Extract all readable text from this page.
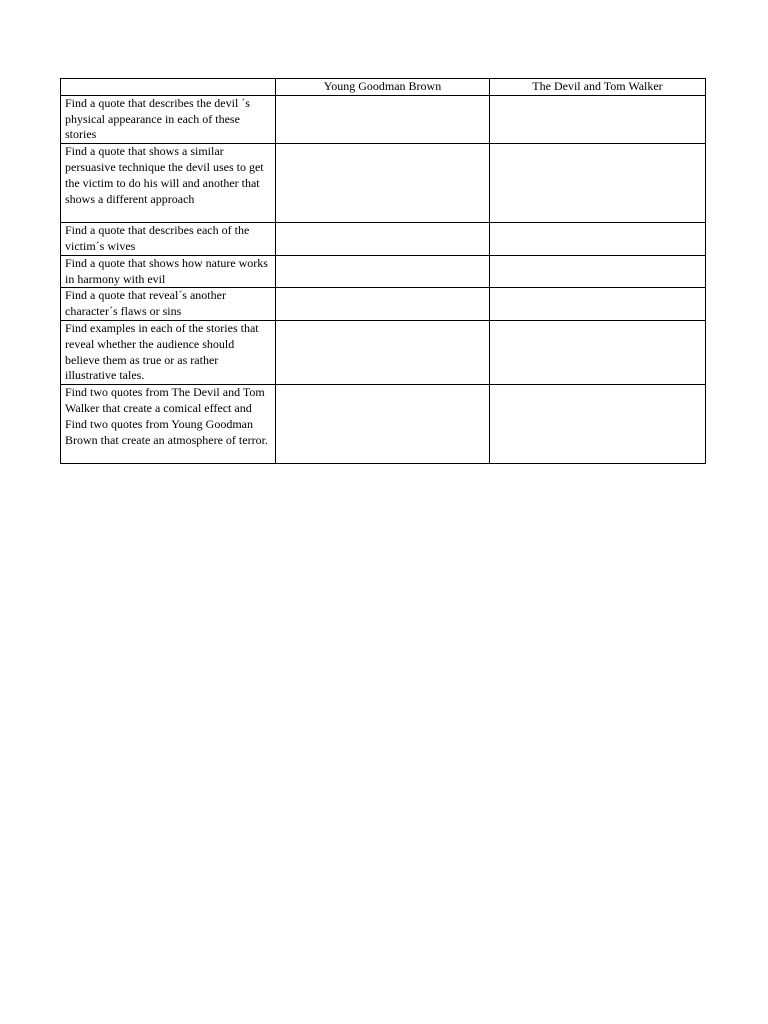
	Young Goodman Brown	The Devil and Tom Walker
Find a quote that describes the devil ´s physical appearance in each of these stories		
Find a quote that shows a similar persuasive technique the devil uses to get the victim to do his will and another that shows a different approach		
Find a quote that describes each of the victim´s wives		
Find a quote that shows how nature works in harmony with evil		
Find a quote that reveal´s another character´s flaws or sins		
Find examples in each of the stories that reveal whether the audience should believe them as true or as rather illustrative tales.		
Find two quotes from The Devil and Tom Walker that create a comical effect and Find two quotes from Young Goodman Brown that create an atmosphere of terror.		
